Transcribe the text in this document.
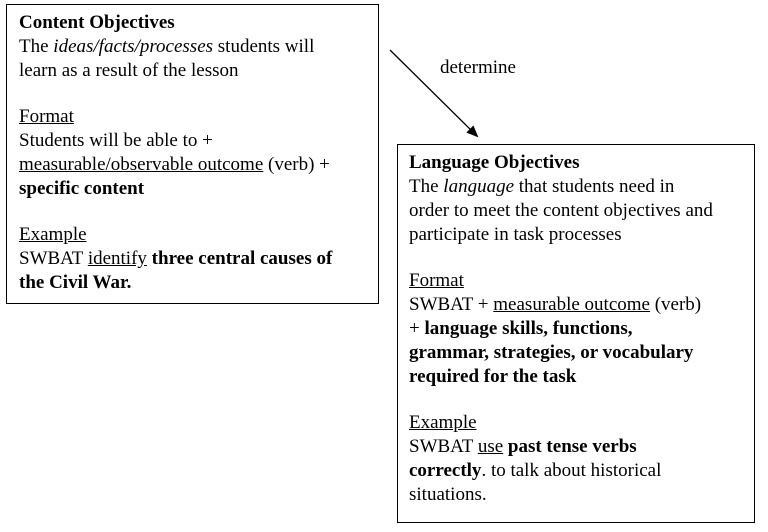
Content Objectives
The ideas/facts/processes students will
learn as a result of the lesson
Format
Students will be able to +
measurable/observable outcome (verb) +
specific content
Example
SWBAT identify three central causes of
the Civil War.
determine
Language Objectives
The language that students need in
order to meet the content objectives and
participate in task processes
Format
SWBAT + measurable outcome (verb)
+ language skills, functions,
grammar, strategies, or vocabulary
required for the task
Example
SWBAT use past tense verbs
correctly. to talk about historical
situations.
